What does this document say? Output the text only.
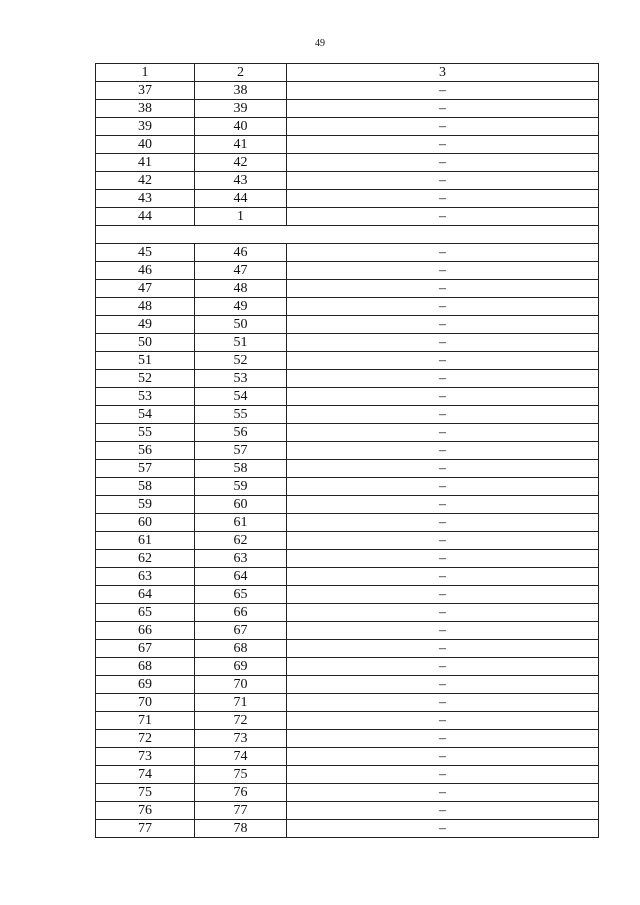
49
1	2	3
37	38	–
38	39	–
39	40	–
40	41	–
41	42	–
42	43	–
43	44	–
44	1	–

45	46	–
46	47	–
47	48	–
48	49	–
49	50	–
50	51	–
51	52	–
52	53	–
53	54	–
54	55	–
55	56	–
56	57	–
57	58	–
58	59	–
59	60	–
60	61	–
61	62	–
62	63	–
63	64	–
64	65	–
65	66	–
66	67	–
67	68	–
68	69	–
69	70	–
70	71	–
71	72	–
72	73	–
73	74	–
74	75	–
75	76	–
76	77	–
77	78	–
